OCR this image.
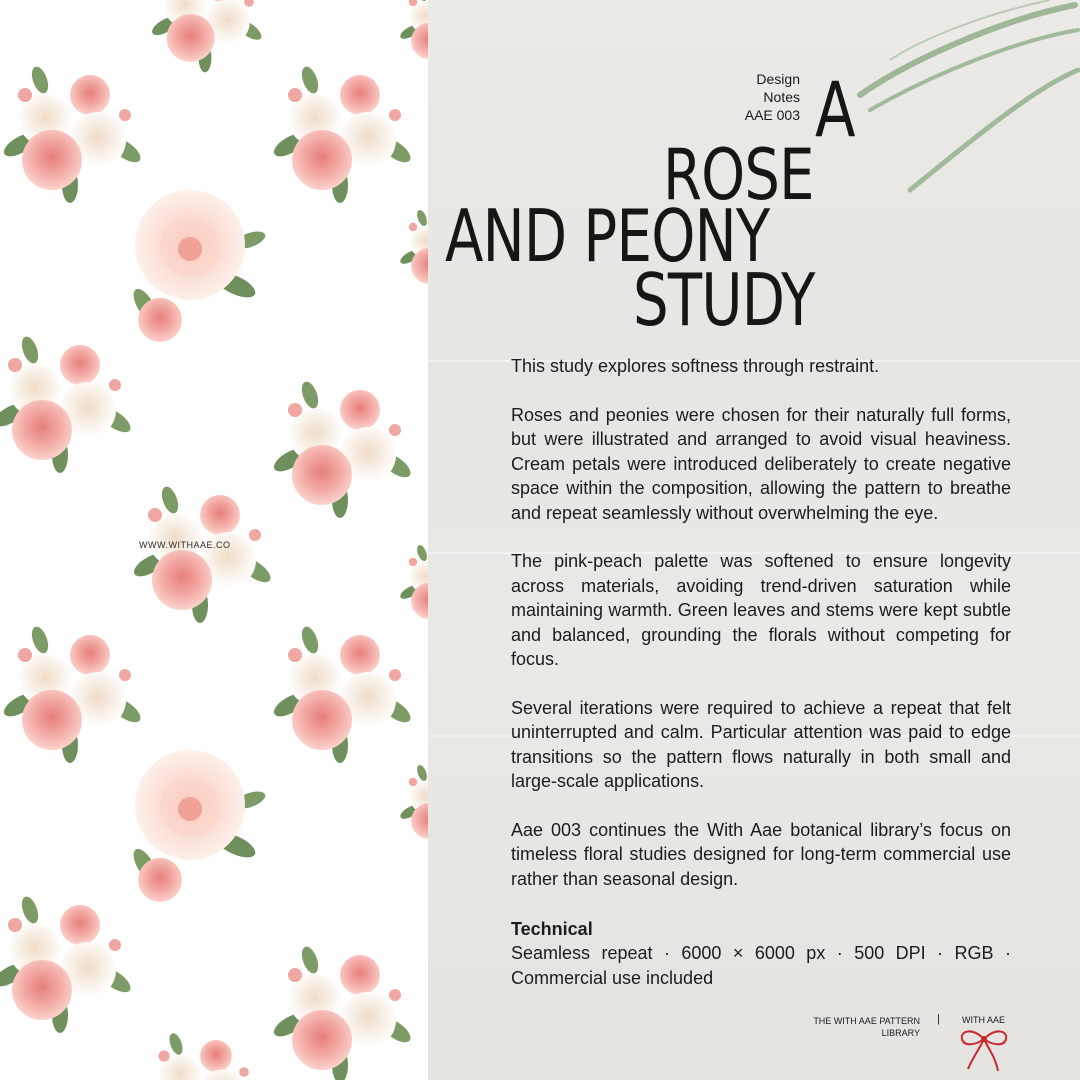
WWW.WITHAAE.CO
Design
Notes
AAE 003 A
ROSE
AND PEONY
STUDY

This study explores softness through restraint.

Roses and peonies were chosen for their naturally full forms, but were illustrated and arranged to avoid visual heaviness. Cream petals were introduced deliberately to create negative space within the composition, allowing the pattern to breathe and repeat seamlessly without overwhelming the eye.

The pink-peach palette was softened to ensure longevity across materials, avoiding trend-driven saturation while maintaining warmth. Green leaves and stems were kept subtle and balanced, grounding the florals without competing for focus.

Several iterations were required to achieve a repeat that felt uninterrupted and calm. Particular attention was paid to edge transitions so the pattern flows naturally in both small and large-scale applications.

Aae 003 continues the With Aae botanical library’s focus on timeless floral studies designed for long-term commercial use rather than seasonal design.

Technical
Seamless repeat · 6000 × 6000 px · 500 DPI · RGB · Commercial use included
THE WITH AAE PATTERN LIBRARY
| WITH AAE
